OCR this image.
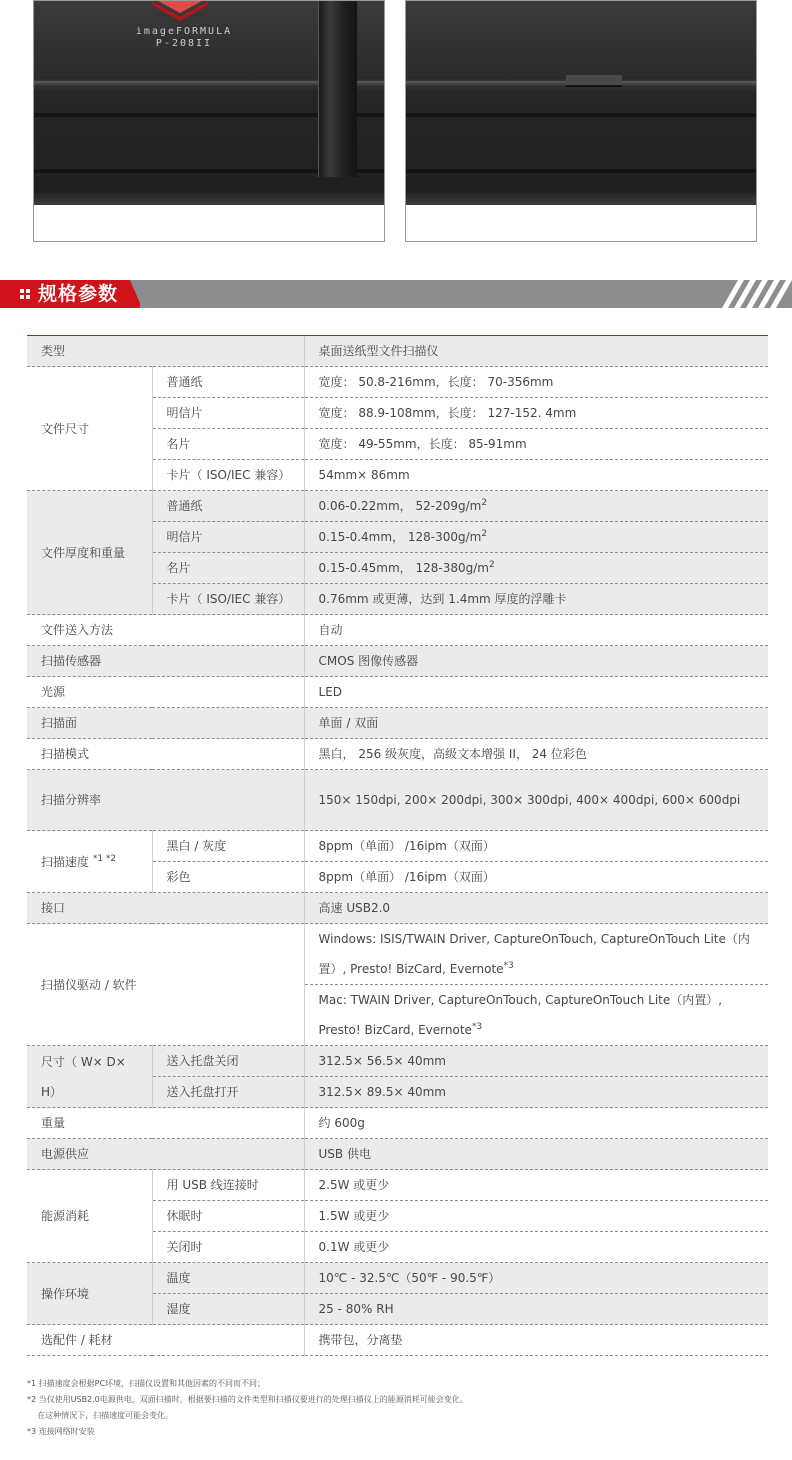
imageFORMULA
P-208II
规格参数
类型		桌面送纸型文件扫描仪
文件尺寸	普通纸	宽度： 50.8-216mm，长度： 70-356mm
	明信片	宽度： 88.9-108mm，长度： 127-152. 4mm
	名片	宽度： 49-55mm，长度： 85-91mm
	卡片（ ISO/IEC 兼容）	54mm× 86mm
文件厚度和重量	普通纸	0.06-0.22mm， $52-209g/m^2$
	明信片	0.15-0.4mm， $128-300g/m^2$
	名片	0.15-0.45mm， $128-380g/m^2$
	卡片（ ISO/IEC 兼容）	0.76mm 或更薄，达到 1.4mm 厚度的浮雕卡
文件送入方法		自动
扫描传感器		CMOS 图像传感器
光源		LED
扫描面		单面 / 双面
扫描模式		黑白， 256 级灰度，高级文本增强 II， 24 位彩色
扫描分辨率		150× 150dpi, 200× 200dpi, 300× 300dpi, 400× 400dpi, 600× 600dpi
扫描速度 $^{*1 *2}$	黑白 / 灰度	8ppm（单面） /16ipm（双面）
	彩色	8ppm（单面） /16ipm（双面）
接口		高速 USB2.0
扫描仪驱动 / 软件		Windows: ISIS/TWAIN Driver, CaptureOnTouch, CaptureOnTouch Lite（内置）, Presto! BizCard, Evernote$^{*3}$
		Mac: TWAIN Driver, CaptureOnTouch, CaptureOnTouch Lite（内置）, Presto! BizCard, Evernote$^{*3}$
尺寸（ W× D× H）	送入托盘关闭	312.5× 56.5× 40mm
	送入托盘打开	312.5× 89.5× 40mm
重量		约 600g
电源供应		USB 供电
能源消耗	用 USB 线连接时	2.5W 或更少
	休眠时	1.5W 或更少
	关闭时	0.1W 或更少
操作环境	温度	10℃ - 32.5℃（50℉ - 90.5℉）
	湿度	25 - 80% RH
选配件 / 耗材		携带包，分离垫
*1 扫描速度会根据PC环境，扫描仪设置和其他因素的不同而不同；
*2 当仅使用USB2.0电源供电，双面扫描时，根据要扫描的文件类型和扫描仪要进行的处理扫描仪上的能源消耗可能会变化。
在这种情况下，扫描速度可能会变化。
*3 连接网络时安装
